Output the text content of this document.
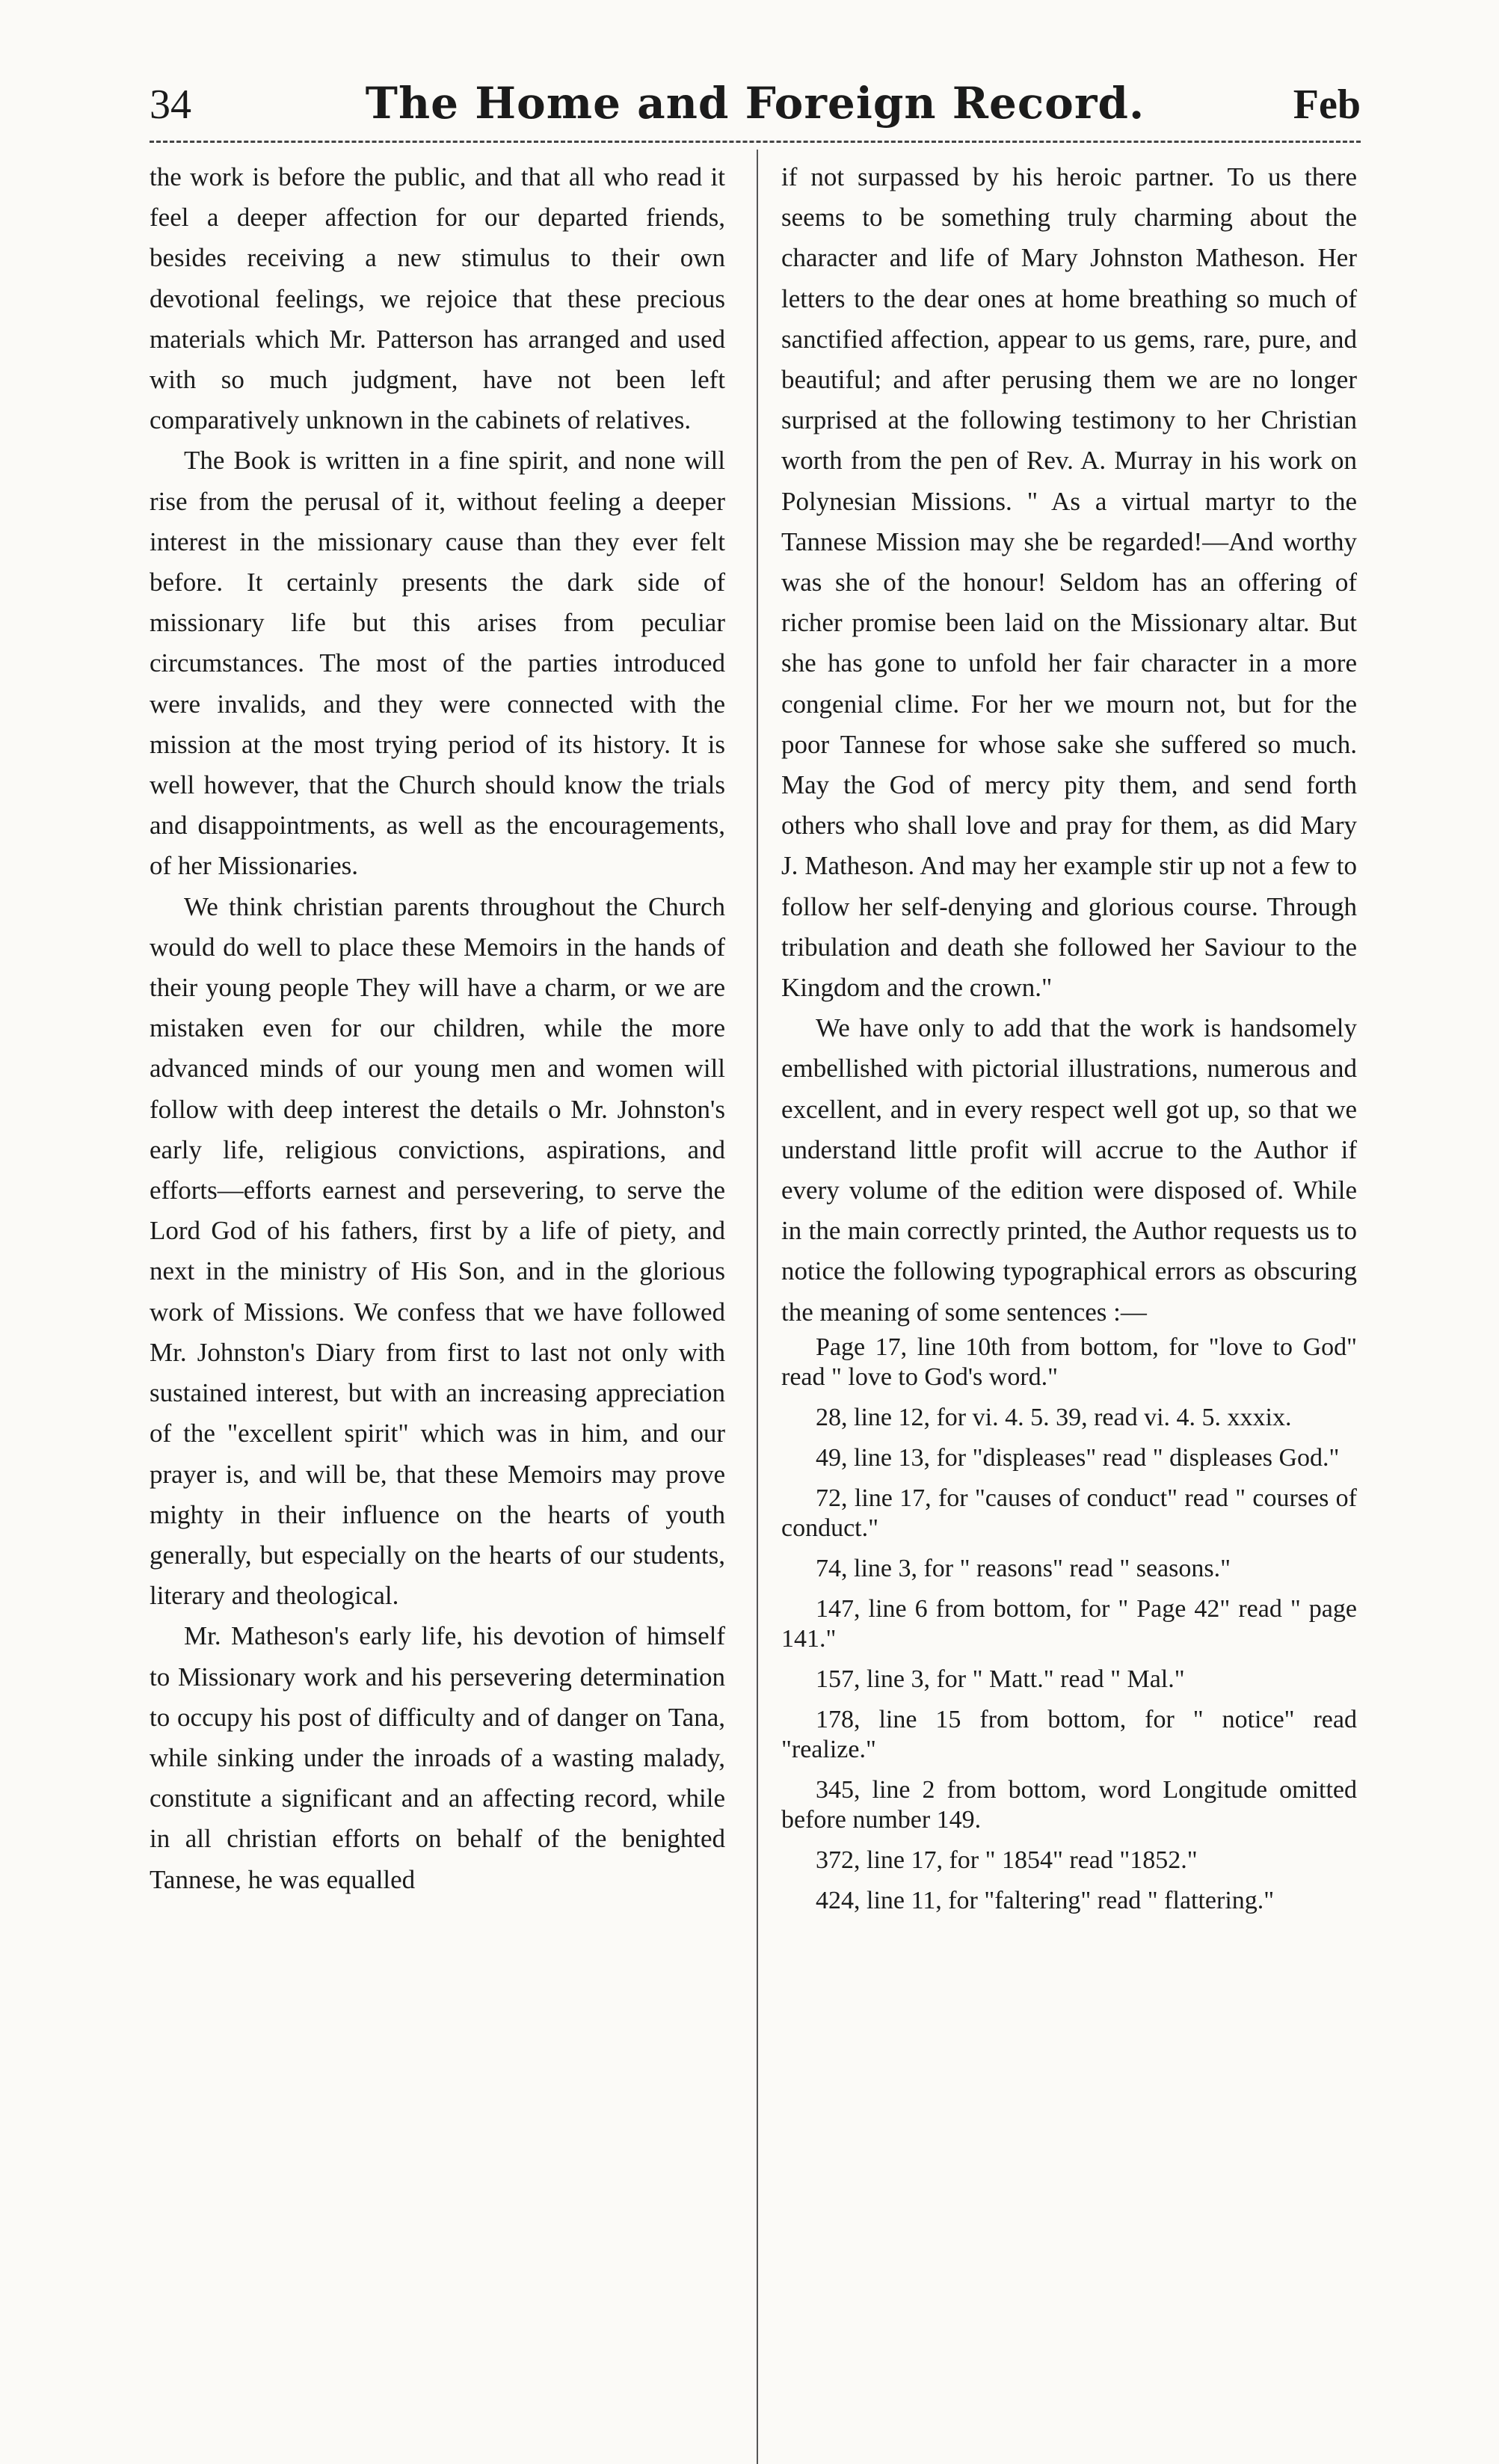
34	The Home and Foreign Record.	Feb

the work is before the public, and that all who read it feel a deeper affection for our departed friends, besides receiving a new stimulus to their own devotional feelings, we rejoice that these precious materials which Mr. Patterson has arranged and used with so much judgment, have not been left comparatively unknown in the cabinets of relatives.

The Book is written in a fine spirit, and none will rise from the perusal of it, without feeling a deeper interest in the missionary cause than they ever felt before. It certainly presents the dark side of missionary life but this arises from peculiar circumstances. The most of the parties introduced were invalids, and they were connected with the mission at the most trying period of its history. It is well however, that the Church should know the trials and disappointments, as well as the encouragements, of her Missionaries.

We think christian parents throughout the Church would do well to place these Memoirs in the hands of their young people They will have a charm, or we are mistaken even for our children, while the more advanced minds of our young men and women will follow with deep interest the details o Mr. Johnston's early life, religious convictions, aspirations, and efforts—efforts earnest and persevering, to serve the Lord God of his fathers, first by a life of piety, and next in the ministry of His Son, and in the glorious work of Missions. We confess that we have followed Mr. Johnston's Diary from first to last not only with sustained interest, but with an increasing appreciation of the "excellent spirit" which was in him, and our prayer is, and will be, that these Memoirs may prove mighty in their influence on the hearts of youth generally, but especially on the hearts of our students, literary and theological.

Mr. Matheson's early life, his devotion of himself to Missionary work and his persevering determination to occupy his post of difficulty and of danger on Tana, while sinking under the inroads of a wasting malady, constitute a significant and an affecting record, while in all christian efforts on behalf of the benighted Tannese, he was equalled

if not surpassed by his heroic partner. To us there seems to be something truly charming about the character and life of Mary Johnston Matheson. Her letters to the dear ones at home breathing so much of sanctified affection, appear to us gems, rare, pure, and beautiful; and after perusing them we are no longer surprised at the following testimony to her Christian worth from the pen of Rev. A. Murray in his work on Polynesian Missions. " As a virtual martyr to the Tannese Mission may she be regarded!—And worthy was she of the honour! Seldom has an offering of richer promise been laid on the Missionary altar. But she has gone to unfold her fair character in a more congenial clime. For her we mourn not, but for the poor Tannese for whose sake she suffered so much. May the God of mercy pity them, and send forth others who shall love and pray for them, as did Mary J. Matheson. And may her example stir up not a few to follow her self-denying and glorious course. Through tribulation and death she followed her Saviour to the Kingdom and the crown."

We have only to add that the work is handsomely embellished with pictorial illustrations, numerous and excellent, and in every respect well got up, so that we understand little profit will accrue to the Author if every volume of the edition were disposed of. While in the main correctly printed, the Author requests us to notice the following typographical errors as obscuring the meaning of some sentences :—

Page 17, line 10th from bottom, for "love to God" read " love to God's word."

28, line 12, for vi. 4. 5. 39, read vi. 4. 5. xxxix.

49, line 13, for "displeases" read " displeases God."

72, line 17, for "causes of conduct" read " courses of conduct."

74, line 3, for " reasons" read " seasons."

147, line 6 from bottom, for " Page 42" read " page 141."

157, line 3, for " Matt." read " Mal."

178, line 15 from bottom, for " notice" read "realize."

345, line 2 from bottom, word Longitude omitted before number 149.

372, line 17, for " 1854" read "1852."

424, line 11, for "faltering" read " flattering."
